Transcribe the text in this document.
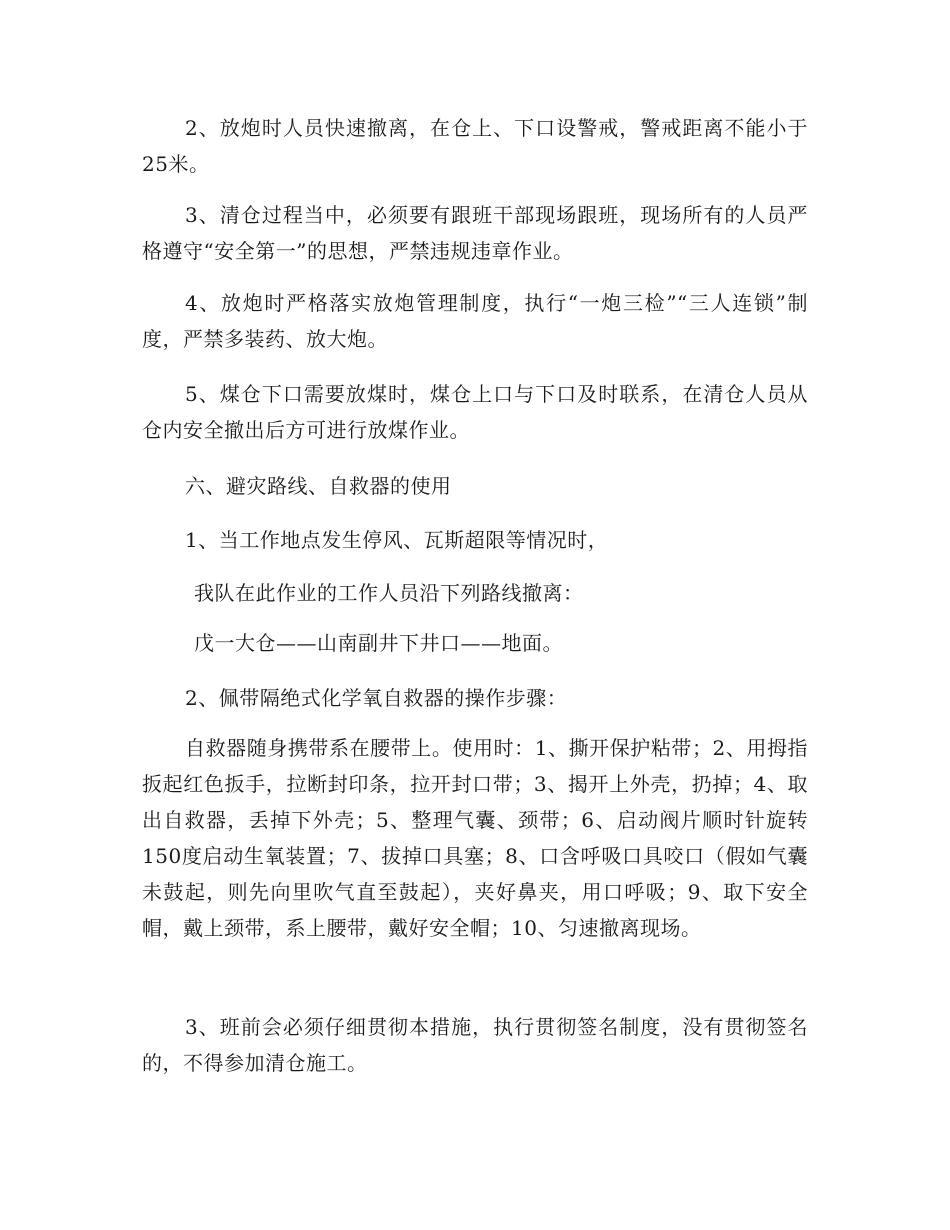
2、放炮时人员快速撤离，在仓上、下口设警戒，警戒距离不能小于25米。

3、清仓过程当中，必须要有跟班干部现场跟班，现场所有的人员严格遵守“安全第一”的思想，严禁违规违章作业。

4、放炮时严格落实放炮管理制度，执行“一炮三检”“三人连锁”制度，严禁多装药、放大炮。

5、煤仓下口需要放煤时，煤仓上口与下口及时联系，在清仓人员从仓内安全撤出后方可进行放煤作业。

六、避灾路线、自救器的使用

1、当工作地点发生停风、瓦斯超限等情况时，

我队在此作业的工作人员沿下列路线撤离：

戊一大仓——山南副井下井口——地面。

2、佩带隔绝式化学氧自救器的操作步骤：

自救器随身携带系在腰带上。使用时：1、撕开保护粘带；2、用拇指扳起红色扳手，拉断封印条，拉开封口带；3、揭开上外壳，扔掉；4、取出自救器，丢掉下外壳；5、整理气囊、颈带；6、启动阀片顺时针旋转150度启动生氧装置；7、拔掉口具塞；8、口含呼吸口具咬口（假如气囊未鼓起，则先向里吹气直至鼓起），夹好鼻夹，用口呼吸；9、取下安全帽，戴上颈带，系上腰带，戴好安全帽；10、匀速撤离现场。

3、班前会必须仔细贯彻本措施，执行贯彻签名制度，没有贯彻签名的，不得参加清仓施工。
